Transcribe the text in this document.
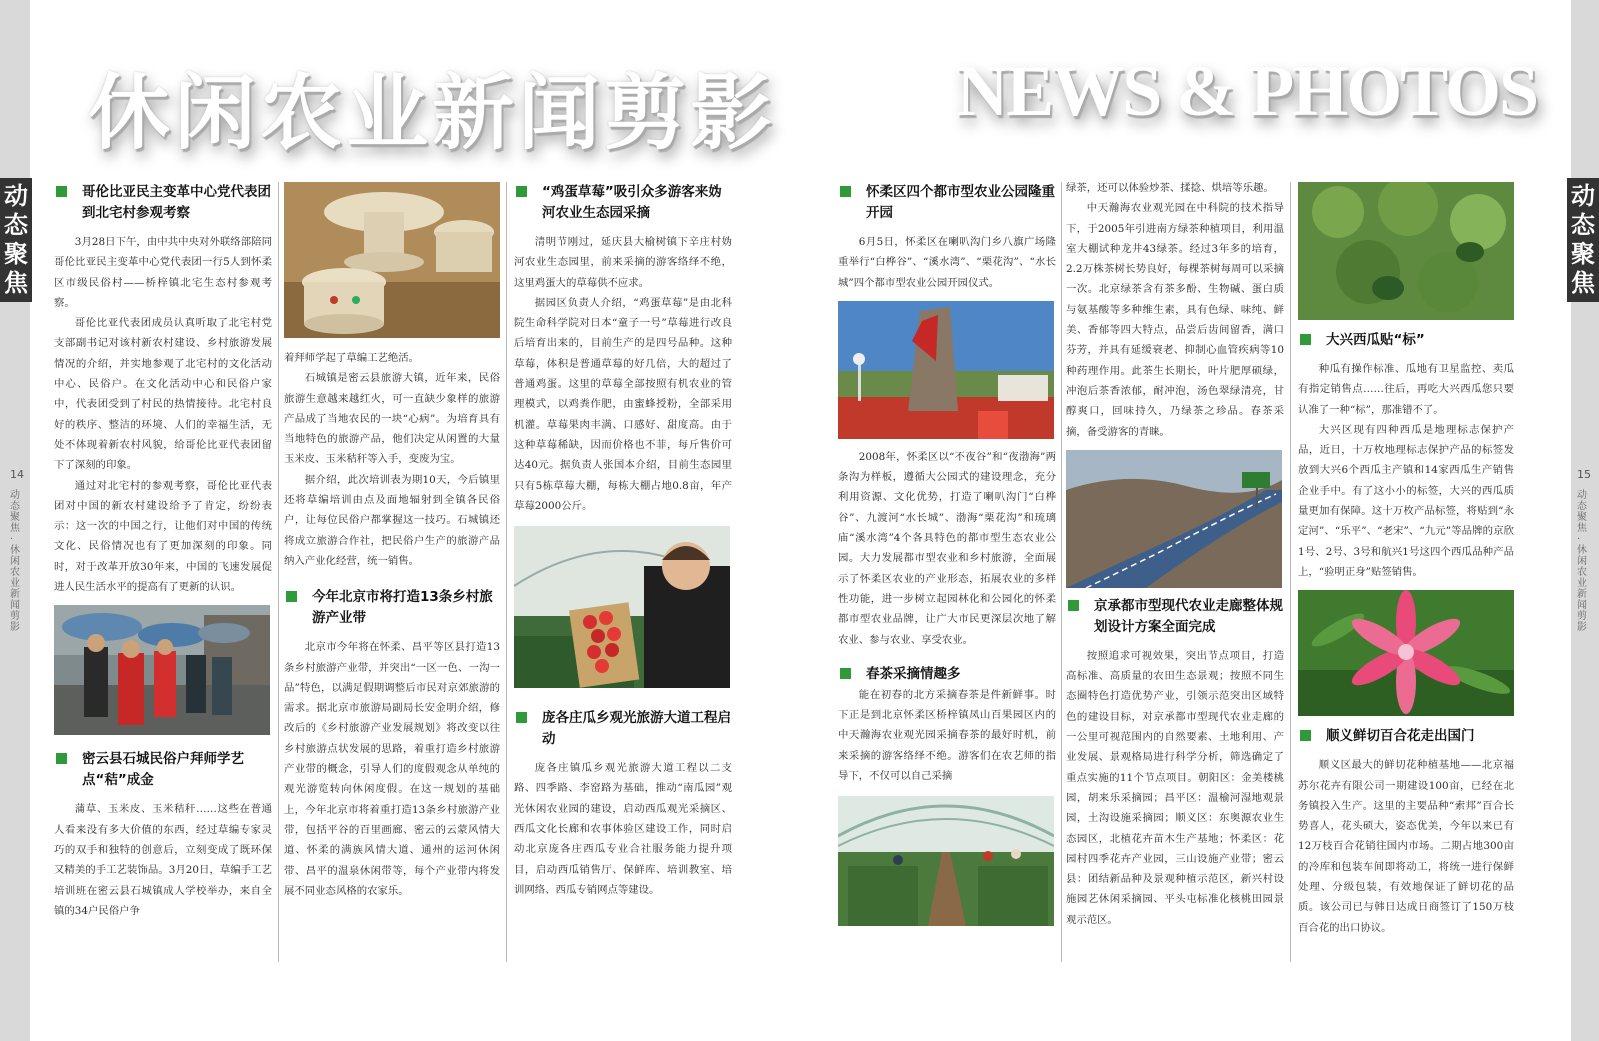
动态聚焦
动态聚焦
14
动态聚焦·休闲农业新闻剪影
15
动态聚焦·休闲农业新闻剪影
休闲农业新闻剪影	NEWS & PHOTOS
哥伦比亚民主变革中心党代表团到北宅村参观考察

3月28日下午，由中共中央对外联络部陪同哥伦比亚民主变革中心党代表团一行5人到怀柔区市级民俗村——桥梓镇北宅生态村参观考察。

哥伦比亚代表团成员认真听取了北宅村党支部副书记对该村新农村建设、乡村旅游发展情况的介绍，并实地参观了北宅村的文化活动中心、民俗户。在文化活动中心和民俗户家中，代表团受到了村民的热情接待。北宅村良好的秩序、整洁的环境、人们的幸福生活，无处不体现着新农村风貌，给哥伦比亚代表团留下了深刻的印象。

通过对北宅村的参观考察，哥伦比亚代表团对中国的新农村建设给予了肯定，纷纷表示：这一次的中国之行，让他们对中国的传统文化、民俗情况也有了更加深刻的印象。同时，对于改革开放30年来，中国的飞速发展促进人民生活水平的提高有了更新的认识。

密云县石城民俗户拜师学艺点“秸”成金

蒲草、玉米皮、玉米秸秆……这些在普通人看来没有多大价值的东西，经过草编专家灵巧的双手和独特的创意后，立刻变成了既环保又精美的手工艺装饰品。3月20日，草编手工艺培训班在密云县石城镇成人学校举办，来自全镇的34户民俗户争

着拜师学起了草编工艺绝活。

石城镇是密云县旅游大镇，近年来，民俗旅游生意越来越红火，可一直缺少象样的旅游产品成了当地农民的一块“心病”。为培育具有当地特色的旅游产品，他们决定从闲置的大量玉米皮、玉米秸秆等入手，变废为宝。

据介绍，此次培训表为期10天，今后镇里还将草编培训由点及面地辐射到全镇各民俗户，让每位民俗户都掌握这一技巧。石城镇还将成立旅游合作社，把民俗户生产的旅游产品纳入产业化经营，统一销售。

今年北京市将打造13条乡村旅游产业带

北京市今年将在怀柔、昌平等区县打造13条乡村旅游产业带，并突出“一区一色、一沟一品”特色，以满足假期调整后市民对京郊旅游的需求。据北京市旅游局副局长安金明介绍，修改后的《乡村旅游产业发展规划》将改变以往乡村旅游点状发展的思路，着重打造乡村旅游产业带的概念，引导人们的度假观念从单纯的观光游览转向休闲度假。在这一规划的基础上，今年北京市将着重打造13条乡村旅游产业带，包括平谷的百里画廊、密云的云蒙风情大道、怀柔的满族风情大道、通州的运河休闲带、昌平的温泉休闲带等，每个产业带内将发展不同业态风格的农家乐。

“鸡蛋草莓”吸引众多游客来妫河农业生态园采摘

清明节刚过，延庆县大榆树镇下辛庄村妫河农业生态园里，前来采摘的游客络绎不绝，这里鸡蛋大的草莓供不应求。

据园区负责人介绍，“鸡蛋草莓”是由北科院生命科学院对日本“童子一号”草莓进行改良后培育出来的，目前生产的是四号品种。这种草莓，体积是普通草莓的好几倍，大的超过了普通鸡蛋。这里的草莓全部按照有机农业的管理模式，以鸡粪作肥，由蜜蜂授粉，全部采用机灌。草莓果肉丰满、口感好、甜度高。由于这种草莓稀缺，因而价格也不菲，每斤售价可达40元。据负责人张国本介绍，目前生态园里只有5栋草莓大棚，每栋大棚占地0.8亩，年产草莓2000公斤。

庞各庄瓜乡观光旅游大道工程启动

庞各庄镇瓜乡观光旅游大道工程以二支路、四季路、李窑路为基础，推动“南瓜园”观光休闲农业园的建设，启动西瓜观光采摘区、西瓜文化长廊和农事体验区建设工作，同时启动北京庞各庄西瓜专业合社服务能力提升项目，启动西瓜销售厅、保鲜库、培训教室、培训网络、西瓜专销网点等建设。

怀柔区四个都市型农业公园隆重开园

6月5日，怀柔区在喇叭沟门乡八旗广场隆重举行“白桦谷”、“溪水湾”、“栗花沟”、“水长城”四个都市型农业公园开园仪式。

2008年，怀柔区以“不夜谷”和“夜渤海”两条沟为样板，遵循大公园式的建设理念，充分利用资源、文化优势，打造了喇叭沟门“白桦谷”、九渡河“水长城”、渤海“栗花沟”和琉璃庙“溪水湾”4个各具特色的都市型生态农业公园。大力发展都市型农业和乡村旅游，全面展示了怀柔区农业的产业形态，拓展农业的多样性功能，进一步树立起园林化和公园化的怀柔都市型农业品牌，让广大市民更深层次地了解农业、参与农业、享受农业。

春茶采摘情趣多

能在初春的北方采摘春茶是件新鲜事。时下正是到北京怀柔区桥梓镇凤山百果园区内的中天瀚海农业观光园采摘春茶的最好时机，前来采摘的游客络绎不绝。游客们在农艺师的指导下，不仅可以自己采摘

绿茶，还可以体验炒茶、揉捻、烘培等乐趣。

中天瀚海农业观光园在中科院的技术指导下，于2005年引进南方绿茶种植项目，利用温室大棚试种龙井43绿茶。经过3年多的培育，2.2万株茶树长势良好，每棵茶树每周可以采摘一次。北京绿茶含有茶多酚、生物碱、蛋白质与氨基酸等多种维生素，具有色绿、味纯、鲜美、香郁等四大特点，品尝后齿间留香，满口芬芳，并具有延缓衰老、抑制心血管疾病等10种药理作用。此茶生长期长，叶片肥厚硕绿，冲泡后茶香浓郁，耐冲泡，汤色翠绿清亮，甘醇爽口，回味持久，乃绿茶之珍品。春茶采摘，备受游客的青睐。

京承都市型现代农业走廊整体规划设计方案全面完成

按照追求可视效果，突出节点项目，打造高标准、高质量的农田生态景观；按照不同生态圈特色打造优势产业，引领示范突出区域特色的建设目标，对京承都市型现代农业走廊的一公里可视范围内的自然要素、土地利用、产业发展、景观格局进行科学分析，筛选确定了重点实施的11个节点项目。朝阳区：金美楼桃园，胡来乐采摘园；昌平区：温榆河湿地观景园，土沟设施采摘园；顺义区：东奥源农业生态园区，北植花卉苗木生产基地；怀柔区：花园村四季花卉产业园，三山设施产业带；密云县：团结新品种及景观种植示范区，新兴村设施园艺休闲采摘园、平头屯标准化核桃田园景观示范区。

大兴西瓜贴“标”

种瓜有操作标准、瓜地有卫星监控、卖瓜有指定销售点……往后，再吃大兴西瓜您只要认准了一种“标”，那准错不了。

大兴区现有四种西瓜是地理标志保护产品，近日，十万枚地理标志保护产品的标签发放到大兴6个西瓜主产镇和14家西瓜生产销售企业手中。有了这小小的标签，大兴的西瓜质量更加有保障。这十万枚产品标签，将贴到“永定河”、“乐平”、“老宋”、“九元”等品牌的京欣1号、2号、3号和航兴1号这四个西瓜品种产品上，“验明正身”贴签销售。

顺义鲜切百合花走出国门

顺义区最大的鲜切花种植基地——北京福苏尔花卉有限公司一期建设100亩，已经在北务镇投入生产。这里的主要品种“索邦”百合长势喜人，花头硕大，姿态优美，今年以来已有12万枝百合花销往国内市场。二期占地300亩的冷库和包装车间即将动工，将统一进行保鲜处理、分级包装，有效地保证了鲜切花的品质。该公司已与韩日达成日商签订了150万枝百合花的出口协议。
